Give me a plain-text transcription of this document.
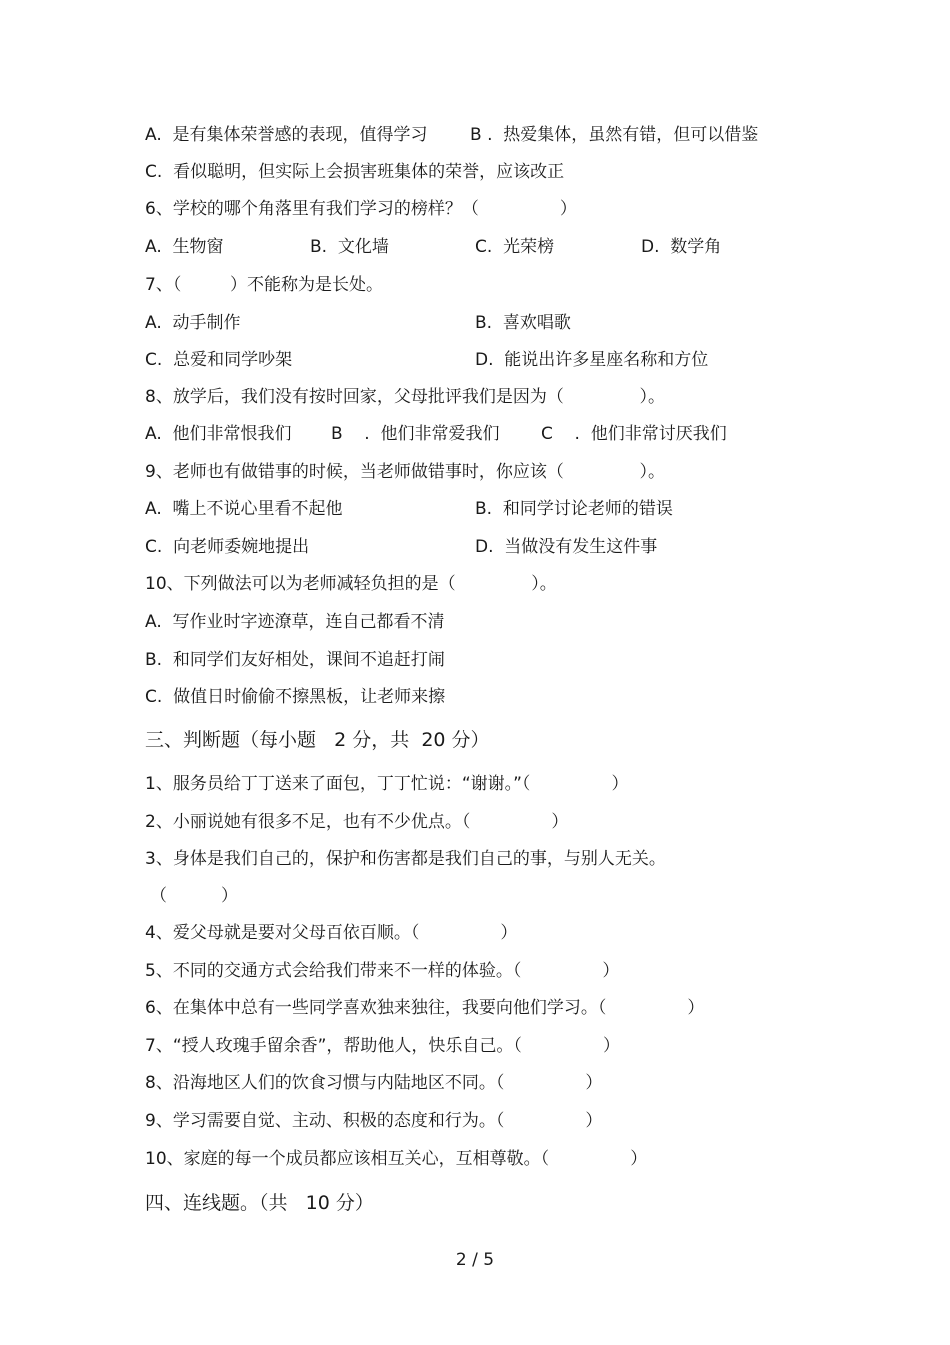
A.  是有集体荣誉感的表现，值得学习 B .  热爱集体，虽然有错，但可以借鉴
C.  看似聪明，但实际上会损害班集体的荣誉，应该改正
6、学校的哪个角落里有我们学习的榜样？（               ）
A.  生物窗	B.  文化墙	C.  光荣榜	D.  数学角
7、（         ）不能称为是长处。
A.  动手制作	B.  喜欢唱歌
C.  总爱和同学吵架	D.  能说出许多星座名称和方位
8、放学后，我们没有按时回家，父母批评我们是因为（              ）。
A.  他们非常恨我们 B    .  他们非常爱我们 C    .  他们非常讨厌我们
9、老师也有做错事的时候，当老师做错事时，你应该（              ）。
A.  嘴上不说心里看不起他	B.  和同学讨论老师的错误
C.  向老师委婉地提出	D.  当做没有发生这件事
10、下列做法可以为老师减轻负担的是（              ）。
A.  写作业时字迹潦草，连自己都看不清
B.  和同学们友好相处，课间不追赶打闹
C.  做值日时偷偷不擦黑板，让老师来擦
三、判断题（每小题   2 分，共  20 分）
1、服务员给丁丁送来了面包，丁丁忙说：“谢谢。”（               ）
2、小丽说她有很多不足，也有不少优点。（               ）
3、身体是我们自己的，保护和伤害都是我们自己的事，与别人无关。
（          ）
4、爱父母就是要对父母百依百顺。（               ）
5、不同的交通方式会给我们带来不一样的体验。（               ）
6、在集体中总有一些同学喜欢独来独往，我要向他们学习。（               ）
7、“授人玫瑰手留余香”，帮助他人，快乐自己。（               ）
8、沿海地区人们的饮食习惯与内陆地区不同。（               ）
9、学习需要自觉、主动、积极的态度和行为。（               ）
10、家庭的每一个成员都应该相互关心，互相尊敬。（               ）
四、连线题。（共   10 分）
2 / 5
